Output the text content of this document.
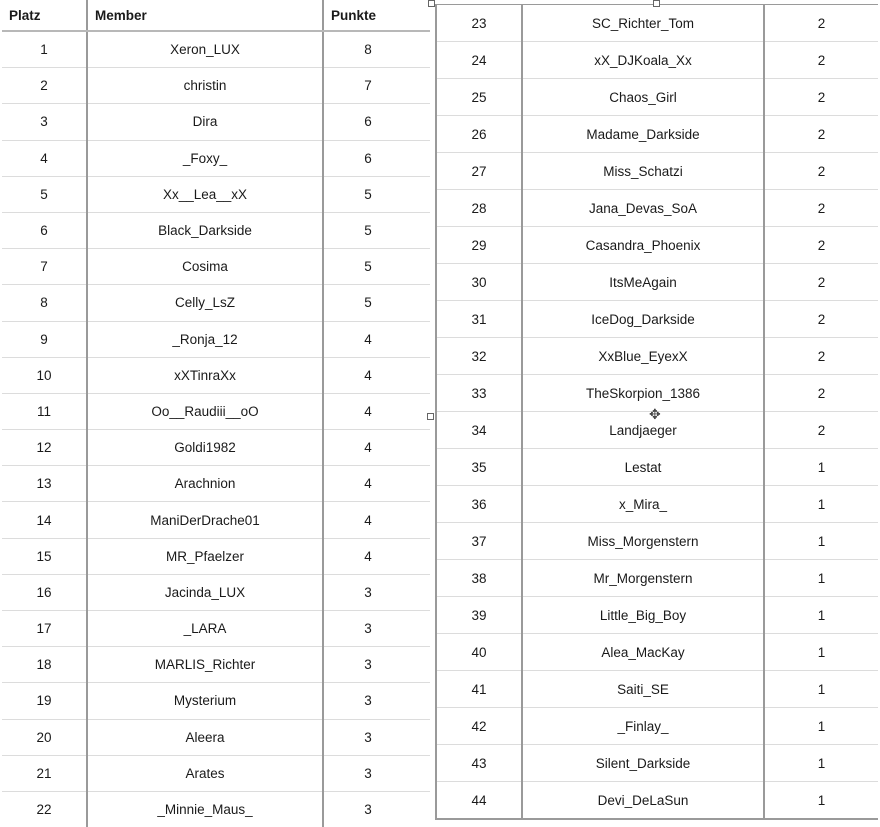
Platz	Member	Punkte
1	Xeron_LUX	8
2	christin	7
3	Dira	6
4	_Foxy_	6
5	Xx__Lea__xX	5
6	Black_Darkside	5
7	Cosima	5
8	Celly_LsZ	5
9	_Ronja_12	4
10	xXTinraXx	4
11	Oo__Raudiii__oO	4
12	Goldi1982	4
13	Arachnion	4
14	ManiDerDrache01	4
15	MR_Pfaelzer	4
16	Jacinda_LUX	3
17	_LARA	3
18	MARLIS_Richter	3
19	Mysterium	3
20	Aleera	3
21	Arates	3
22	_Minnie_Maus_	3
23	SC_Richter_Tom	2
24	xX_DJKoala_Xx	2
25	Chaos_Girl	2
26	Madame_Darkside	2
27	Miss_Schatzi	2
28	Jana_Devas_SoA	2
29	Casandra_Phoenix	2
30	ItsMeAgain	2
31	IceDog_Darkside	2
32	XxBlue_EyexX	2
33	TheSkorpion_1386	2
34	Landjaeger	2
35	Lestat	1
36	x_Mira_	1
37	Miss_Morgenstern	1
38	Mr_Morgenstern	1
39	Little_Big_Boy	1
40	Alea_MacKay	1
41	Saiti_SE	1
42	_Finlay_	1
43	Silent_Darkside	1
44	Devi_DeLaSun	1
✥
